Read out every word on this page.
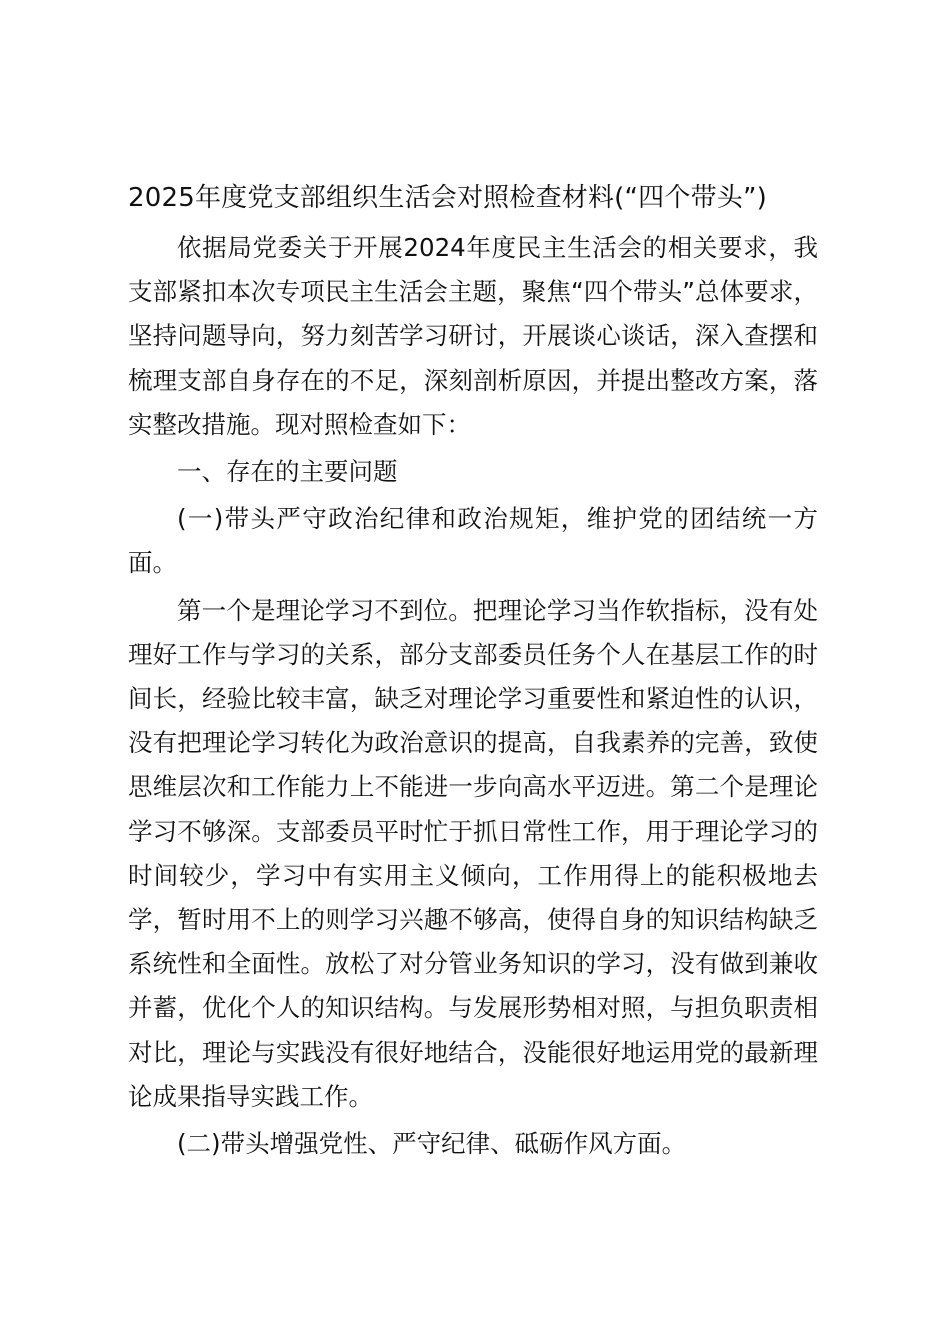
2025年度党支部组织生活会对照检查材料(“四个带头”)

依据局党委关于开展2024年度民主生活会的相关要求，我支部紧扣本次专项民主生活会主题，聚焦“四个带头”总体要求，坚持问题导向，努力刻苦学习研讨，开展谈心谈话，深入查摆和梳理支部自身存在的不足，深刻剖析原因，并提出整改方案，落实整改措施。现对照检查如下：

一、存在的主要问题

(一)带头严守政治纪律和政治规矩，维护党的团结统一方面。

第一个是理论学习不到位。把理论学习当作软指标，没有处理好工作与学习的关系，部分支部委员任务个人在基层工作的时间长，经验比较丰富，缺乏对理论学习重要性和紧迫性的认识，没有把理论学习转化为政治意识的提高，自我素养的完善，致使思维层次和工作能力上不能进一步向高水平迈进。第二个是理论学习不够深。支部委员平时忙于抓日常性工作，用于理论学习的时间较少，学习中有实用主义倾向，工作用得上的能积极地去学，暂时用不上的则学习兴趣不够高，使得自身的知识结构缺乏系统性和全面性。放松了对分管业务知识的学习，没有做到兼收并蓄，优化个人的知识结构。与发展形势相对照，与担负职责相对比，理论与实践没有很好地结合，没能很好地运用党的最新理论成果指导实践工作。

(二)带头增强党性、严守纪律、砥砺作风方面。
